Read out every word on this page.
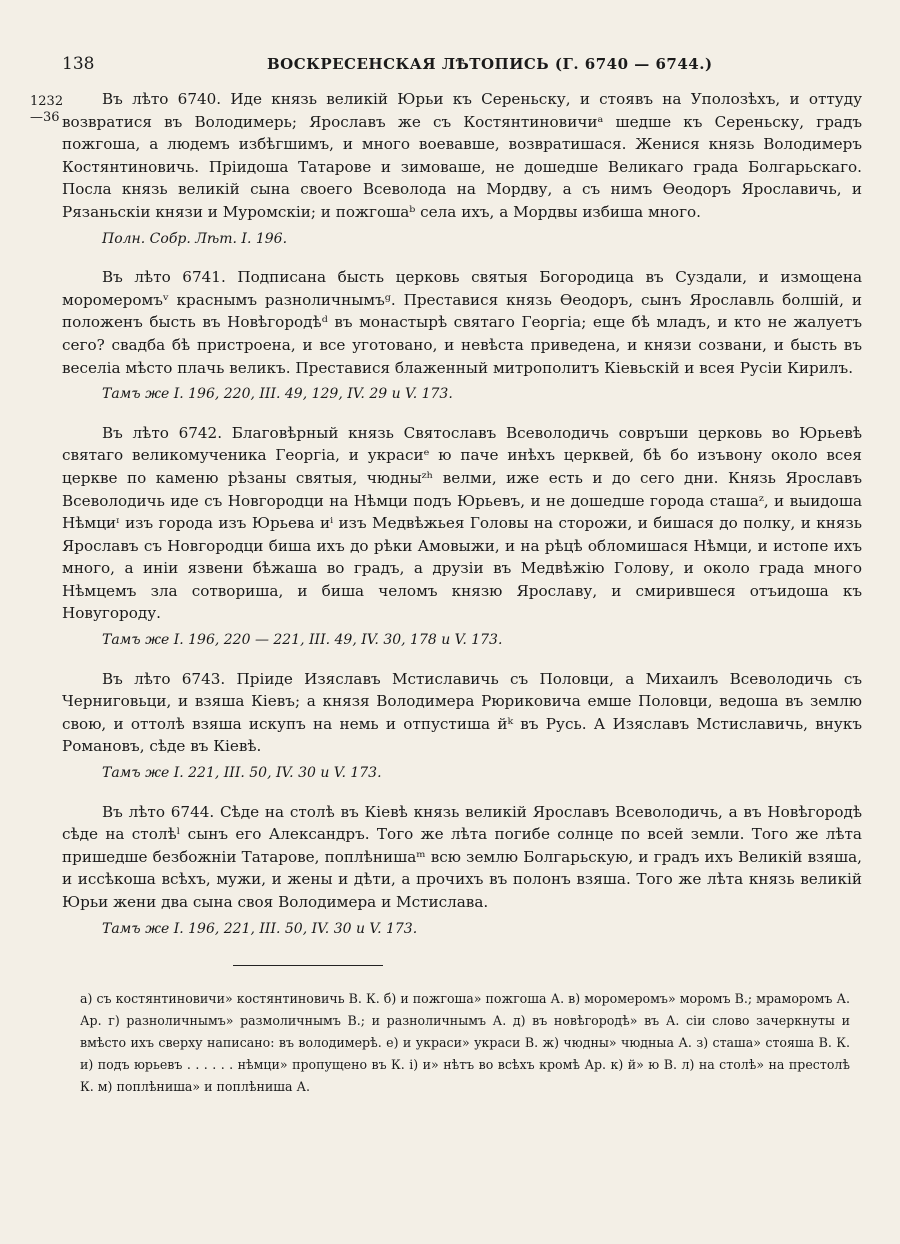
138	ВОСКРЕСЕНСКАЯ ЛѢТОПИСЬ (Г. 6740 — 6744.)
1232
—36

Въ лѣто 6740. Иде князь великій Юрьи къ Сереньску, и стоявъ на Уполозѣхъ, и оттуду возвратися въ Володимерь; Ярославъ же съ Костянтиновичиᵃ шедше къ Сереньску, градъ пожгоша, а людемъ избѣгшимъ, и много воевавше, возвратишася. Женися князь Володимеръ Костянтиновичь. Пріидоша Татарове и зимоваше, не дошедше Великаго града Болгарьскаго. Посла князь великій сына своего Всеволода на Мордву, а съ нимъ Ѳеодоръ Ярославичь, и Рязаньскіи князи и Муромскіи; и пожгошаᵇ села ихъ, а Мордвы избиша много.

Полн. Собр. Лѣт. I. 196.

Въ лѣто 6741. Подписана бысть церковь святыя Богородица въ Суздали, и измощена моромеромъᵛ краснымъ разноличнымъᵍ. Преставися князь Ѳеодоръ, сынъ Ярославль болшій, и положенъ бысть въ Новѣгородѣᵈ въ монастырѣ святаго Георгіа; еще бѣ младъ, и кто не жалуетъ сего? свадба бѣ пристроена, и все уготовано, и невѣста приведена, и князи созвани, и бысть въ веселіа мѣсто плачь великъ. Преставися блаженный митрополитъ Кіевьскій и всея Русіи Кирилъ.

Тамъ же I. 196, 220, III. 49, 129, IV. 29 и V. 173.

Въ лѣто 6742. Благовѣрный князь Святославъ Всеволодичь совръши церковь во Юрьевѣ святаго великомученика Георгіа, и украсиᵉ ю паче инѣхъ церквей, бѣ бо изъвону около всея церкве по каменю рѣзаны святыя, чюдныᶻʰ велми, иже есть и до сего дни. Князь Ярославъ Всеволодичь иде съ Новгородци на Нѣмци подъ Юрьевъ, и не дошедше города сташаᶻ, и выидоша Нѣмциᶦ изъ города изъ Юрьева иⁱ изъ Медвѣжьея Головы на сторожи, и бишася до полку, и князь Ярославъ съ Новгородци биша ихъ до рѣки Амовыжи, и на рѣцѣ обломишася Нѣмци, и истопе ихъ много, а иніи язвени бѣжаша во градъ, а друзіи въ Медвѣжію Голову, и около града много Нѣмцемъ зла сотвориша, и биша челомъ князю Ярославу, и смирившеся отъидоша къ Новугороду.

Тамъ же I. 196, 220 — 221, III. 49, IV. 30, 178 и V. 173.

Въ лѣто 6743. Пріиде Изяславъ Мстиславичь съ Половци, а Михаилъ Всеволодичь съ Черниговьци, и взяша Кіевъ; а князя Володимера Рюриковича емше Половци, ведоша въ землю свою, и оттолѣ взяша искупъ на немь и отпустиша йᵏ въ Русь. А Изяславъ Мстиславичь, внукъ Романовъ, сѣде въ Кіевѣ.

Тамъ же I. 221, III. 50, IV. 30 и V. 173.

Въ лѣто 6744. Сѣде на столѣ въ Кіевѣ князь великій Ярославъ Всеволодичь, а въ Новѣгородѣ сѣде на столѣˡ сынъ его Александръ. Того же лѣта погибе солнце по всей земли. Того же лѣта пришедше безбожніи Татарове, поплѣнишаᵐ всю землю Болгарьскую, и градъ ихъ Великій взяша, и иссѣкоша всѣхъ, мужи, и жены и дѣти, а прочихъ въ полонъ взяша. Того же лѣта князь великій Юрьи жени два сына своя Володимера и Мстислава.

Тамъ же I. 196, 221, III. 50, IV. 30 и V. 173.

а) съ костянтиновичи» костянтиновичь В. К. б) и пожгоша» пожгоша А. в) моромеромъ» моромъ В.; мраморомъ А. Ар. г) разноличнымъ» размоличнымъ В.; и разноличнымъ А. д) въ новѣгородѣ» въ А. сіи слово зачеркнуты и вмѣсто ихъ сверху написано: въ володимерѣ. е) и украси» украси В. ж) чюдны» чюдныа А. з) сташа» стояша В. К. и) подъ юрьевъ . . . . . . нѣмци» пропущено въ К. і) и» нѣтъ во всѣхъ кромѣ Ар. к) й» ю В. л) на столѣ» на престолѣ К. м) поплѣниша» и поплѣниша А.
